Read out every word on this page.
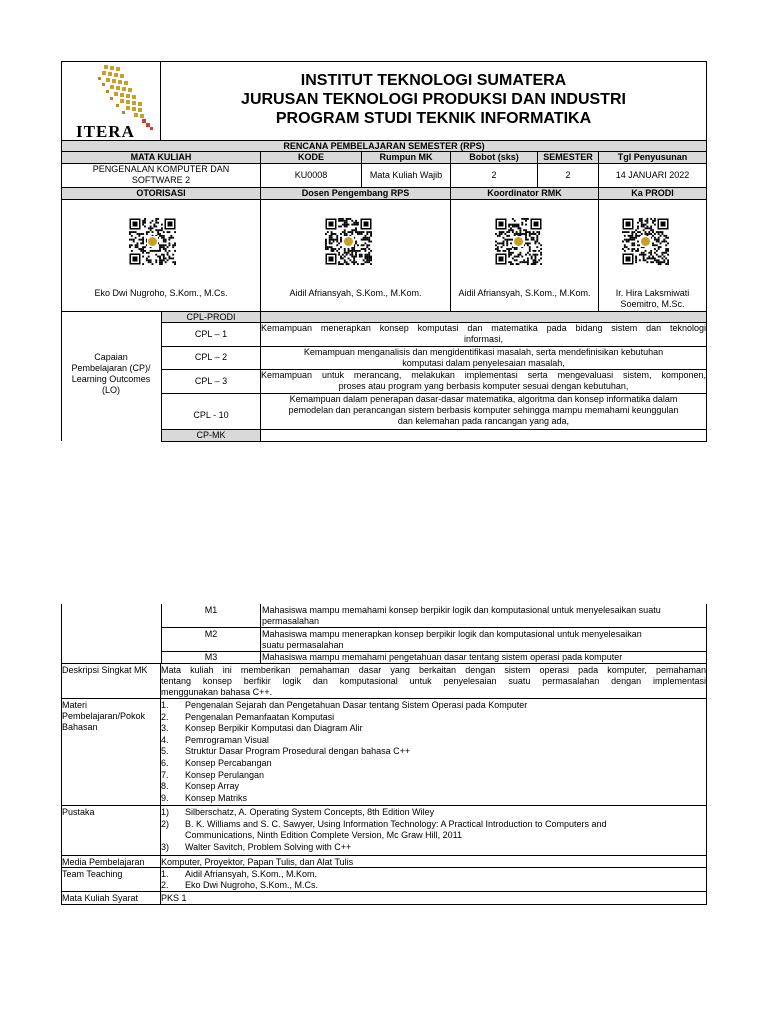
ITERA
INSTITUT TEKNOLOGI SUMATERA
JURUSAN TEKNOLOGI PRODUKSI DAN INDUSTRI
PROGRAM STUDI TEKNIK INFORMATIKA
RENCANA PEMBELAJARAN SEMESTER (RPS)
MATA KULIAH	KODE	Rumpun MK	Bobot (sks)	SEMESTER	Tgl Penyusunan
PENGENALAN KOMPUTER DAN
SOFTWARE 2	KU0008	Mata Kuliah Wajib	2	2	14 JANUARI 2022
OTORISASI	Dosen Pengembang RPS	Koordinator RMK	Ka PRODI
Eko Dwi Nugroho, S.Kom., M.Cs.	Aidil Afriansyah, S.Kom., M.Kom.	Aidil Afriansyah, S.Kom., M.Kom.	Ir. Hira Laksmiwati
Soemitro, M.Sc.
Capaian
Pembelajaran (CP)/
Learning Outcomes
(LO)
CPL-PRODI
CPL – 1
Kemampuan menerapkan konsep komputasi dan matematika pada bidang sistem dan teknologi
informasi,
CPL – 2	Kemampuan menganalisis dan mengidentifikasi masalah, serta mendefinisikan kebutuhan
komputasi dalam penyelesaian masalah,
CPL – 3
Kemampuan untuk merancang, melakukan implementasi serta mengevaluasi sistem, komponen,
proses atau program yang berbasis komputer sesuai dengan kebutuhan,
CPL - 10
Kemampuan dalam penerapan dasar-dasar matematika, algoritma dan konsep informatika dalam
pemodelan dan perancangan sistem berbasis komputer sehingga mampu memahami keunggulan
dan kelemahan pada rancangan yang ada,
CP-MK
M1	Mahasiswa mampu memahami konsep berpikir logik dan komputasional untuk menyelesaikan suatu
permasalahan
M2	Mahasiswa mampu menerapkan konsep berpikir logik dan komputasional untuk menyelesaikan
suatu permasalahan
M3	Mahasiswa mampu memahami pengetahuan dasar tentang sistem operasi pada komputer
Deskripsi Singkat MK	Mata kuliah ini memberikan pemahaman dasar yang berkaitan dengan sistem operasi pada komputer, pemahaman
tentang konsep berfikir logik dan komputasional untuk penyelesaian suatu permasalahan dengan implementasi
menggunakan bahasa C++.
Materi
Pembelajaran/Pokok
Bahasan
1. Pengenalan Sejarah dan Pengetahuan Dasar tentang Sistem Operasi pada Komputer
2. Pengenalan Pemanfaatan Komputasi
3. Konsep Berpikir Komputasi dan Diagram Alir
4. Pemrograman Visual
5. Struktur Dasar Program Prosedural dengan bahasa C++
6. Konsep Percabangan
7. Konsep Perulangan
8. Konsep Array
9. Konsep Matriks
Pustaka	1) Silberschatz, A. Operating System Concepts, 8th Edition Wiley
2) B. K. Williams and S. C. Sawyer, Using Information Technology: A Practical Introduction to Computers and
Communications, Ninth Edition Complete Version, Mc Graw Hill, 2011
3) Walter Savitch, Problem Solving with C++
Media Pembelajaran	Komputer, Proyektor, Papan Tulis, dan Alat Tulis
Team Teaching	1. Aidil Afriansyah, S.Kom., M.Kom.
2. Eko Dwi Nugroho, S.Kom., M.Cs.
Mata Kuliah Syarat	PKS 1
